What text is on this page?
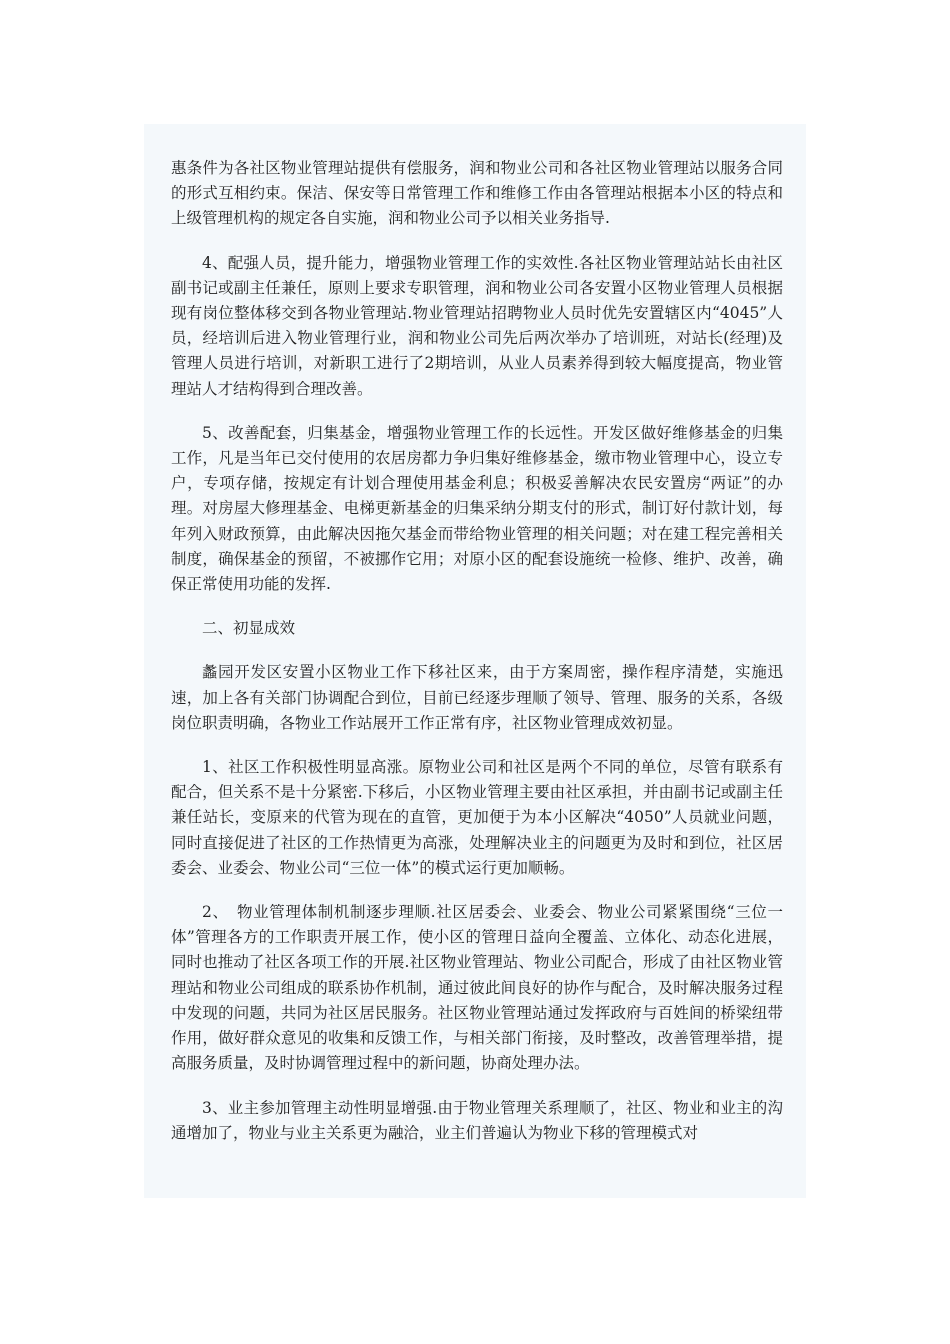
惠条件为各社区物业管理站提供有偿服务，润和物业公司和各社区物业管理站以服务合同的形式互相约束。保洁、保安等日常管理工作和维修工作由各管理站根据本小区的特点和上级管理机构的规定各自实施，润和物业公司予以相关业务指导.

4、配强人员，提升能力，增强物业管理工作的实效性.各社区物业管理站站长由社区副书记或副主任兼任，原则上要求专职管理，润和物业公司各安置小区物业管理人员根据现有岗位整体移交到各物业管理站.物业管理站招聘物业人员时优先安置辖区内“4045”人员，经培训后进入物业管理行业，润和物业公司先后两次举办了培训班，对站长(经理)及管理人员进行培训，对新职工进行了2期培训，从业人员素养得到较大幅度提高，物业管理站人才结构得到合理改善。

5、改善配套，归集基金，增强物业管理工作的长远性。开发区做好维修基金的归集工作，凡是当年已交付使用的农居房都力争归集好维修基金，缴市物业管理中心，设立专户，专项存储，按规定有计划合理使用基金利息；积极妥善解决农民安置房“两证”的办理。对房屋大修理基金、电梯更新基金的归集采纳分期支付的形式，制订好付款计划，每年列入财政预算，由此解决因拖欠基金而带给物业管理的相关问题；对在建工程完善相关制度，确保基金的预留，不被挪作它用；对原小区的配套设施统一检修、维护、改善，确保正常使用功能的发挥.

二、初显成效

蠡园开发区安置小区物业工作下移社区来，由于方案周密，操作程序清楚，实施迅速，加上各有关部门协调配合到位，目前已经逐步理顺了领导、管理、服务的关系，各级岗位职责明确，各物业工作站展开工作正常有序，社区物业管理成效初显。

1、社区工作积极性明显高涨。原物业公司和社区是两个不同的单位，尽管有联系有配合，但关系不是十分紧密.下移后，小区物业管理主要由社区承担，并由副书记或副主任兼任站长，变原来的代管为现在的直管，更加便于为本小区解决“4050”人员就业问题，同时直接促进了社区的工作热情更为高涨，处理解决业主的问题更为及时和到位，社区居委会、业委会、物业公司“三位一体”的模式运行更加顺畅。

2、　物业管理体制机制逐步理顺.社区居委会、业委会、物业公司紧紧围绕“三位一体”管理各方的工作职责开展工作，使小区的管理日益向全覆盖、立体化、动态化进展，同时也推动了社区各项工作的开展.社区物业管理站、物业公司配合，形成了由社区物业管理站和物业公司组成的联系协作机制，通过彼此间良好的协作与配合，及时解决服务过程中发现的问题，共同为社区居民服务。社区物业管理站通过发挥政府与百姓间的桥梁纽带作用，做好群众意见的收集和反馈工作，与相关部门衔接，及时整改，改善管理举措，提高服务质量，及时协调管理过程中的新问题，协商处理办法。

3、业主参加管理主动性明显增强.由于物业管理关系理顺了，社区、物业和业主的沟通增加了，物业与业主关系更为融洽，业主们普遍认为物业下移的管理模式对
